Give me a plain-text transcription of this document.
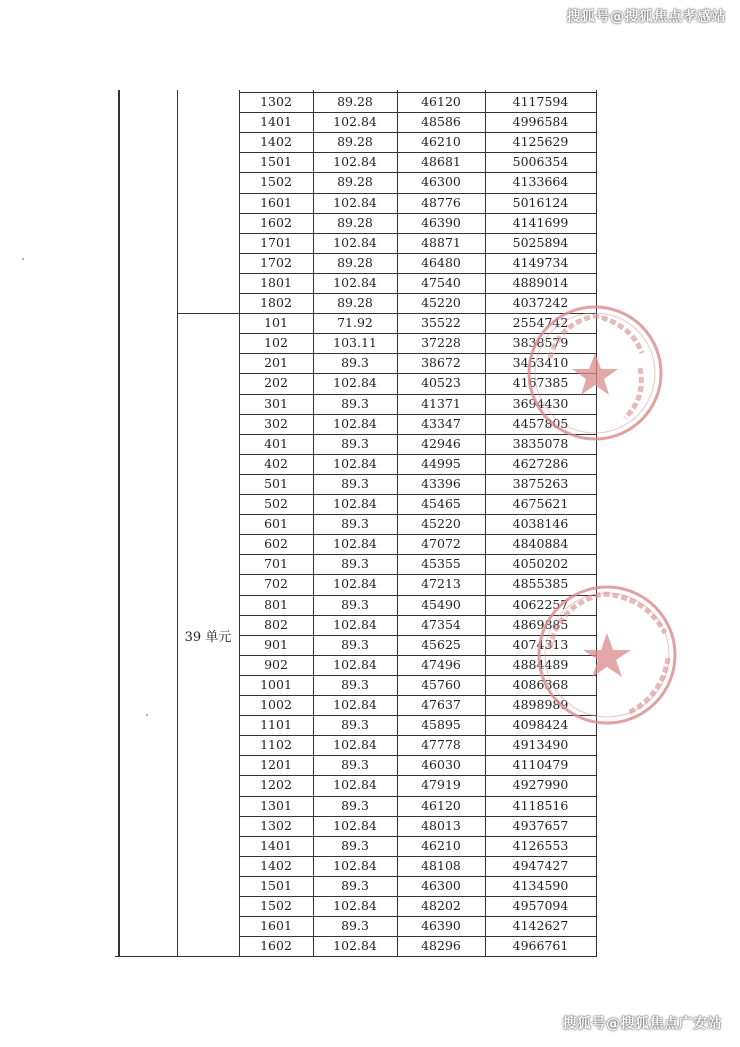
搜狐号@搜狐焦点孝感站
1302	89.28	46120	4117594
1401	102.84	48586	4996584
1402	89.28	46210	4125629
1501	102.84	48681	5006354
1502	89.28	46300	4133664
1601	102.84	48776	5016124
1602	89.28	46390	4141699
1701	102.84	48871	5025894
1702	89.28	46480	4149734
1801	102.84	47540	4889014
1802	89.28	45220	4037242
101	71.92	35522	2554742
102	103.11	37228	3838579
201	89.3	38672	3453410
202	102.84	40523	4167385
301	89.3	41371	3694430
302	102.84	43347	4457805
401	89.3	42946	3835078
402	102.84	44995	4627286
501	89.3	43396	3875263
502	102.84	45465	4675621
601	89.3	45220	4038146
602	102.84	47072	4840884
701	89.3	45355	4050202
702	102.84	47213	4855385
801	89.3	45490	4062257
802	102.84	47354	4869885
901	89.3	45625	4074313
902	102.84	47496	4884489
1001	89.3	45760	4086368
1002	102.84	47637	4898989
1101	89.3	45895	4098424
1102	102.84	47778	4913490
1201	89.3	46030	4110479
1202	102.84	47919	4927990
1301	89.3	46120	4118516
1302	102.84	48013	4937657
1401	89.3	46210	4126553
1402	102.84	48108	4947427
1501	89.3	46300	4134590
1502	102.84	48202	4957094
1601	89.3	46390	4142627
1602	102.84	48296	4966761
39 单元
搜狐号@搜狐焦点广安站
